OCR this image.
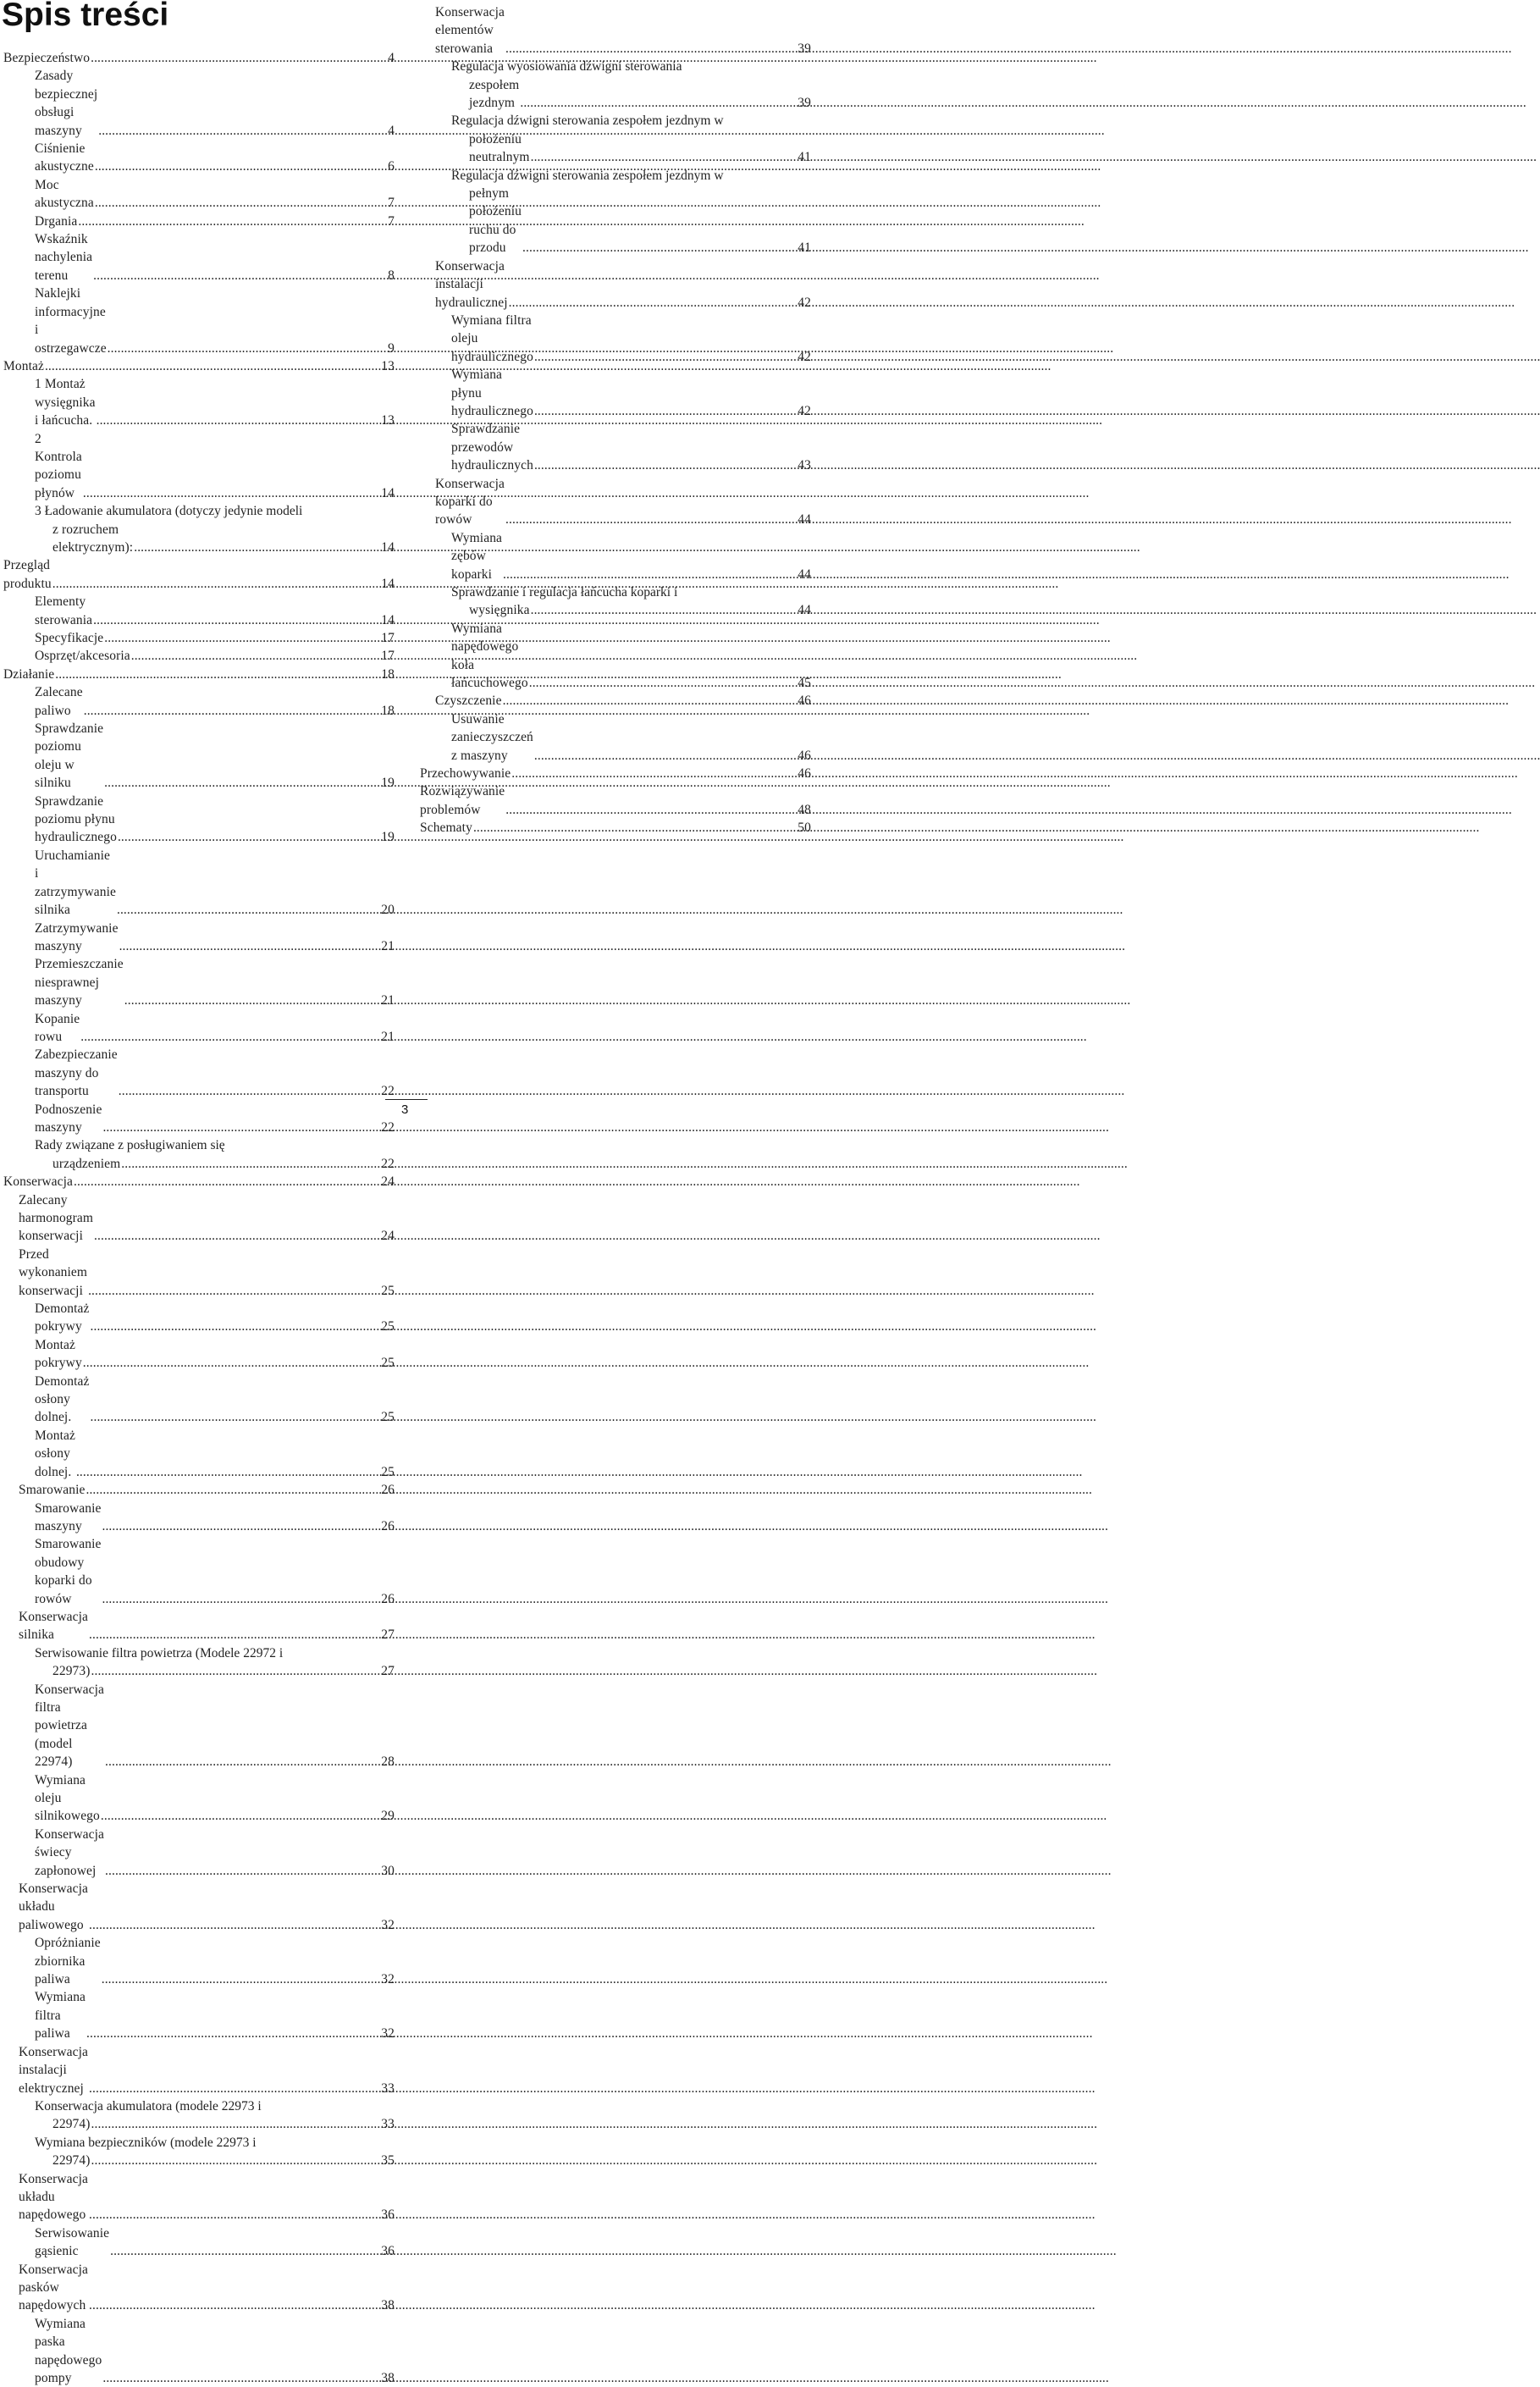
Spis treści
Bezpieczeństwo .....	4
Zasady bezpiecznej obsługi maszyny .....	4
Ciśnienie akustyczne .....	6
Moc akustyczna .....	7
Drgania .....	7
Wskaźnik nachylenia terenu .....	8
Naklejki informacyjne i ostrzegawcze .....	9
Montaż .....	13
1 Montaż wysięgnika i łańcucha. .....	13
2 Kontrola poziomu płynów .....	14
3 Ładowanie akumulatora (dotyczy jedynie modeli
z rozruchem elektrycznym): .....	14
Przegląd produktu .....	14
Elementy sterowania .....	14
Specyfikacje .....	17
Osprzęt/akcesoria .....	17
Działanie .....	18
Zalecane paliwo .....	18
Sprawdzanie poziomu oleju w silniku .....	19
Sprawdzanie poziomu płynu hydraulicznego .....	19
Uruchamianie i zatrzymywanie silnika .....	20
Zatrzymywanie maszyny .....	21
Przemieszczanie niesprawnej maszyny .....	21
Kopanie rowu .....	21
Zabezpieczanie maszyny do transportu .....	22
Podnoszenie maszyny .....	22
Rady związane z posługiwaniem się
urządzeniem .....	22
Konserwacja .....	24
Zalecany harmonogram konserwacji .....	24
Przed wykonaniem konserwacji .....	25
Demontaż pokrywy .....	25
Montaż pokrywy .....	25
Demontaż osłony dolnej. .....	25
Montaż osłony dolnej. .....	25
Smarowanie .....	26
Smarowanie maszyny .....	26
Smarowanie obudowy koparki do rowów .....	26
Konserwacja silnika .....	27
Serwisowanie filtra powietrza (Modele 22972 i
22973) .....	27
Konserwacja filtra powietrza (model 22974) .....	28
Wymiana oleju silnikowego .....	29
Konserwacja świecy zapłonowej .....	30
Konserwacja układu paliwowego .....	32
Opróżnianie zbiornika paliwa .....	32
Wymiana filtra paliwa .....	32
Konserwacja instalacji elektrycznej .....	33
Konserwacja akumulatora (modele 22973 i
22974) .....	33
Wymiana bezpieczników (modele 22973 i
22974) .....	35
Konserwacja układu napędowego .....	36
Serwisowanie gąsienic .....	36
Konserwacja pasków napędowych .....	38
Wymiana paska napędowego pompy .....	38
Konserwacja elementów sterowania .....	39
Regulacja wyosiowania dźwigni sterowania
zespołem jezdnym .....	39
Regulacja dźwigni sterowania zespołem jezdnym w
położeniu neutralnym .....	41
Regulacja dźwigni sterowania zespołem jezdnym w
pełnym położeniu ruchu do przodu .....	41
Konserwacja instalacji hydraulicznej .....	42
Wymiana filtra oleju hydraulicznego .....	42
Wymiana płynu hydraulicznego .....	42
Sprawdzanie przewodów hydraulicznych .....	43
Konserwacja koparki do rowów .....	44
Wymiana zębów koparki .....	44
Sprawdzanie i regulacja łańcucha koparki i
wysięgnika .....	44
Wymiana napędowego koła łańcuchowego .....	45
Czyszczenie .....	46
Usuwanie zanieczyszczeń z maszyny .....	46
Przechowywanie .....	46
Rozwiązywanie problemów .....	48
Schematy .....	50
3
